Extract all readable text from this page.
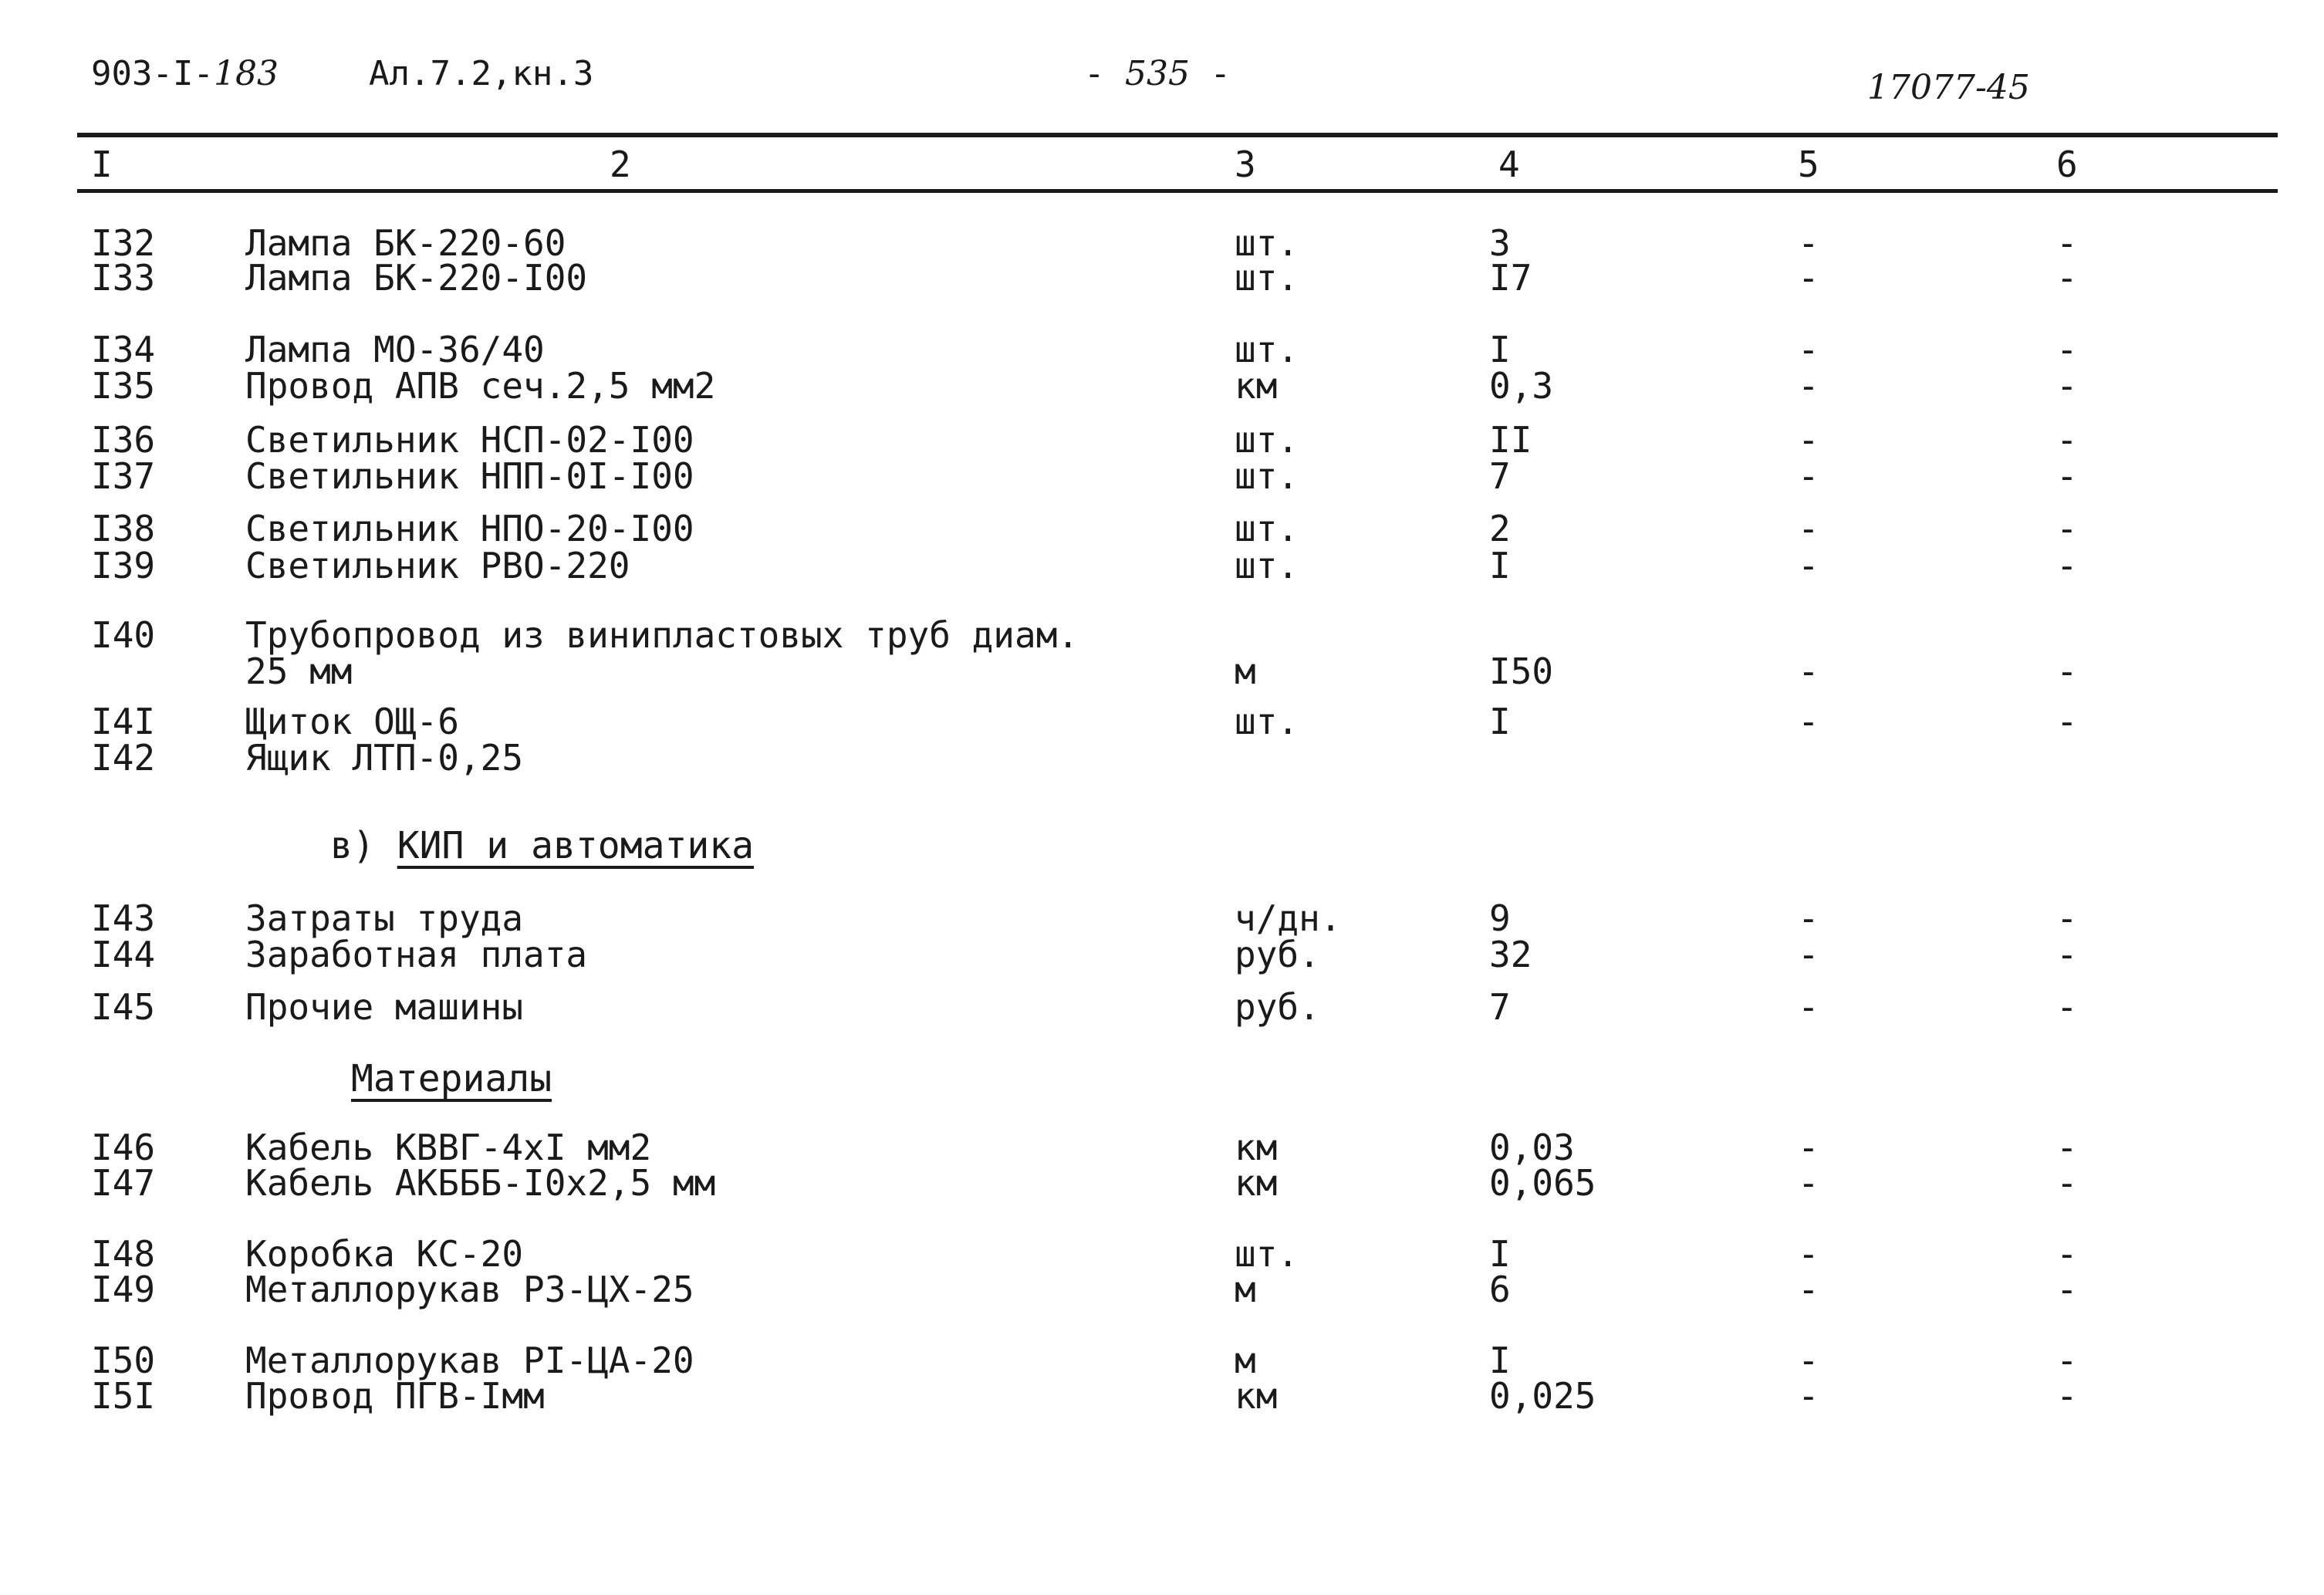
903-I-183	Ал.7.2,кн.3	- 535 -	17077-45
I	2	3	4	5	6
I32	Лампа БК-220-60	шт.	3	-	-
I33	Лампа БК-220-I00	шт.	I7	-	-
I34	Лампа МО-36/40	шт.	I	-	-
I35	Провод АПВ сеч.2,5 мм2	км	0,3	-	-
I36	Светильник НСП-02-I00	шт.	II	-	-
I37	Светильник НПП-0I-I00	шт.	7	-	-
I38	Светильник НПО-20-I00	шт.	2	-	-
I39	Светильник РВО-220	шт.	I	-	-
I40	Трубопровод из винипластовых труб диам.
25 мм	м	I50	-	-
I4I	Щиток ОЩ-6	шт.	I	-	-
I42	Ящик ЛТП-0,25
I43	Затраты труда	ч/дн.	9	-	-
I44	Заработная плата	руб.	32	-	-
I45	Прочие машины	руб.	7	-	-
I46	Кабель КВВГ-4хI мм2	км	0,03	-	-
I47	Кабель АКБББ-I0х2,5 мм	км	0,065	-	-
I48	Коробка КС-20	шт.	I	-	-
I49	Металлорукав Р3-ЦХ-25	м	6	-	-
I50	Металлорукав РI-ЦА-20	м	I	-	-
I5I	Провод ПГВ-Iмм	км	0,025	-	-
в) КИП и автоматика
Материалы
